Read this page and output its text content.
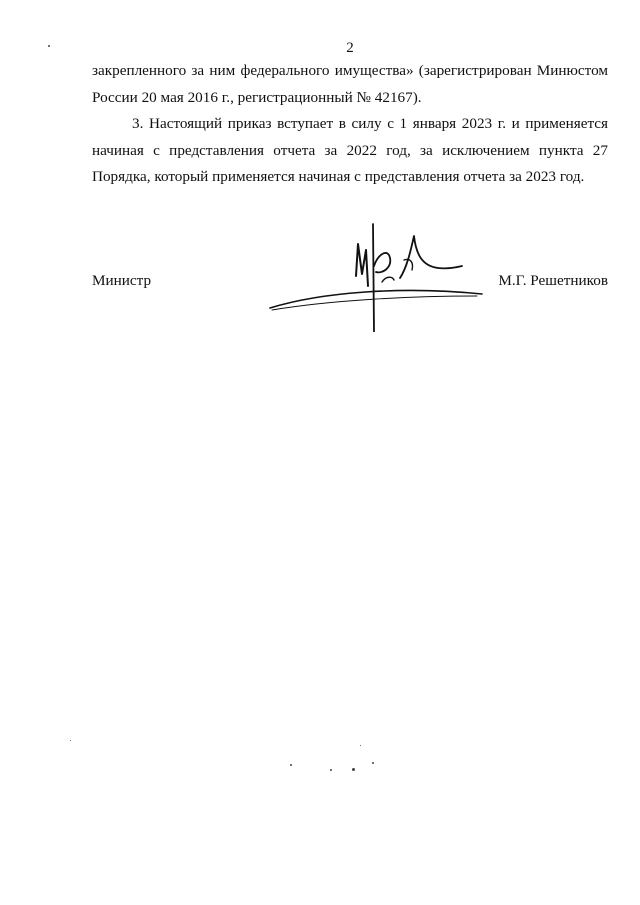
2

закрепленного за ним федерального имущества» (зарегистрирован Минюстом России 20 мая 2016 г., регистрационный № 42167).

3. Настоящий приказ вступает в силу с 1 января 2023 г. и применяется начиная с представления отчета за 2022 год, за исключением пункта 27 Порядка, который применяется начиная с представления отчета за 2023 год.

Министр	М.Г. Решетников
